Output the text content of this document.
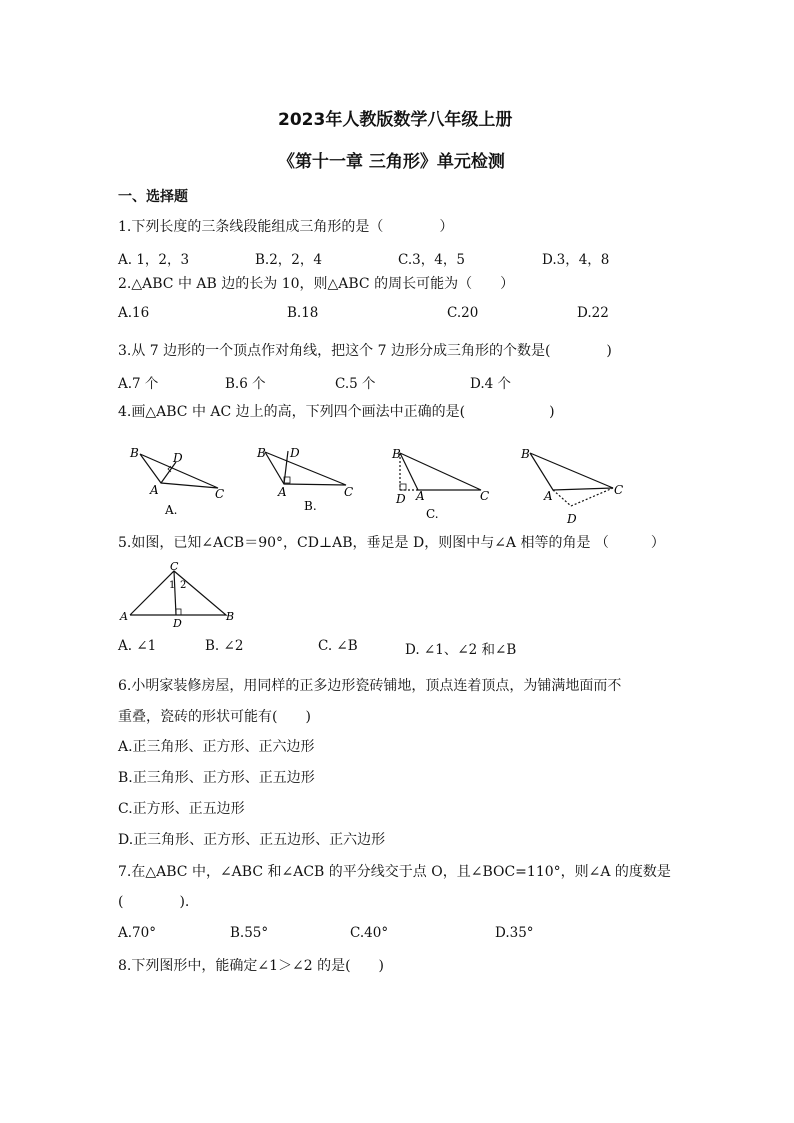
2023年人教版数学八年级上册
《第十一章 三角形》单元检测
一、选择题
1.下列长度的三条线段能组成三角形的是（　　　　）
A. 1，2，3	B.2，2，4	C.3，4，5	D.3，4，8
2.△ABC 中 AB 边的长为 10，则△ABC 的周长可能为（　　）
A.16	B.18	C.20	D.22
3.从 7 边形的一个顶点作对角线，把这个 7 边形分成三角形的个数是(　　　　)
A.7 个	B.6 个	C.5 个	D.4 个
4.画△ABC 中 AC 边上的高，下列四个画法中正确的是(　　　　　　)
B
A	C
D
A.
B
A	C
D
B.
B
A	C
D
C.
B
A	C
D
5.如图，已知∠ACB＝90°，CD⊥AB，垂足是 D，则图中与∠A 相等的角是 （　　　）
C
A	B
D
1 2
A. ∠1	B. ∠2	C. ∠B	D. ∠1、∠2 和∠B
6.小明家装修房屋，用同样的正多边形瓷砖铺地，顶点连着顶点，为铺满地面而不
重叠，瓷砖的形状可能有(　　)
A.正三角形、正方形、正六边形
B.正三角形、正方形、正五边形
C.正方形、正五边形
D.正三角形、正方形、正五边形、正六边形
7.在△ABC 中，∠ABC 和∠ACB 的平分线交于点 O，且∠BOC=110°，则∠A 的度数是
(　　　　).
A.70°	B.55°	C.40°	D.35°
8.下列图形中，能确定∠1＞∠2 的是(　　)
